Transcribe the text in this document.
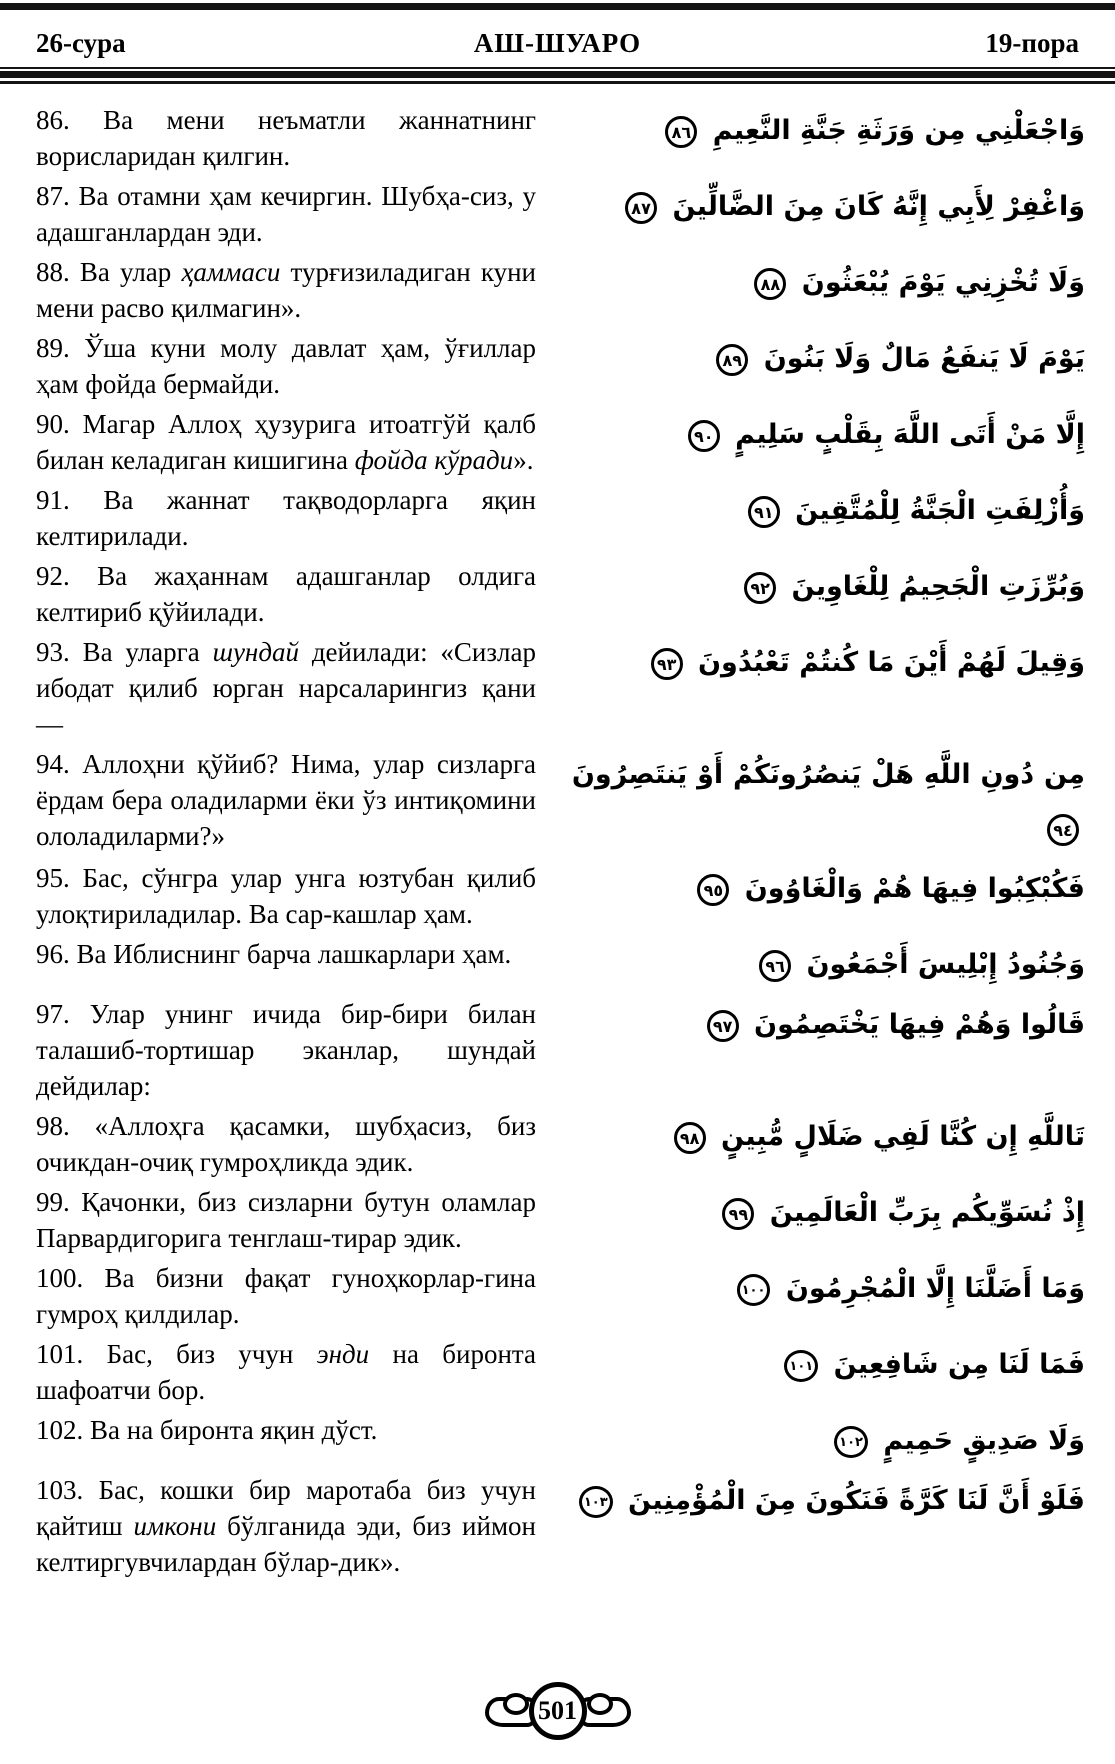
26-сура	АШ-ШУАРО	19-пора

86. Ва мени неъматли жаннатнинг ворисларидан қилгин.

وَاجْعَلْنِي مِن وَرَثَةِ جَنَّةِ النَّعِيمِ ٨٦

87. Ва отамни ҳам кечиргин. Шубҳа-сиз, у адашганлардан эди.

وَاغْفِرْ لِأَبِي إِنَّهُ كَانَ مِنَ الضَّالِّينَ ٨٧

88. Ва улар ҳаммаси турғизиладиган куни мени расво қилмагин».

وَلَا تُخْزِنِي يَوْمَ يُبْعَثُونَ ٨٨

89. Ўша куни молу давлат ҳам, ўғиллар ҳам фойда бермайди.

يَوْمَ لَا يَنفَعُ مَالٌ وَلَا بَنُونَ ٨٩

90. Магар Аллоҳ ҳузурига итоатгўй қалб билан келадиган кишигина фойда кўради».

إِلَّا مَنْ أَتَى اللَّهَ بِقَلْبٍ سَلِيمٍ ٩٠

91. Ва жаннат тақводорларга яқин келтирилади.

وَأُزْلِفَتِ الْجَنَّةُ لِلْمُتَّقِينَ ٩١

92. Ва жаҳаннам адашганлар олдига келтириб қўйилади.

وَبُرِّزَتِ الْجَحِيمُ لِلْغَاوِينَ ٩٢

93. Ва уларга шундай дейилади: «Сизлар ибодат қилиб юрган нарсаларингиз қани —

وَقِيلَ لَهُمْ أَيْنَ مَا كُنتُمْ تَعْبُدُونَ ٩٣

94. Аллоҳни қўйиб? Нима, улар сизларга ёрдам бера оладиларми ёки ўз интиқомини ололадиларми?»

مِن دُونِ اللَّهِ هَلْ يَنصُرُونَكُمْ أَوْ يَنتَصِرُونَ ٩٤

95. Бас, сўнгра улар унга юзтубан қилиб улоқтириладилар. Ва сар-кашлар ҳам.

فَكُبْكِبُوا فِيهَا هُمْ وَالْغَاوُونَ ٩٥

96. Ва Иблиснинг барча лашкарлари ҳам.	وَجُنُودُ إِبْلِيسَ أَجْمَعُونَ ٩٦

97. Улар унинг ичида бир-бири билан талашиб-тортишар эканлар, шундай дейдилар:

قَالُوا وَهُمْ فِيهَا يَخْتَصِمُونَ ٩٧

98. «Аллоҳга қасамки, шубҳасиз, биз очикдан-очиқ гумроҳликда эдик.

تَاللَّهِ إِن كُنَّا لَفِي ضَلَالٍ مُّبِينٍ ٩٨

99. Қачонки, биз сизларни бутун оламлар Парвардигорига тенглаш-тирар эдик.

إِذْ نُسَوِّيكُم بِرَبِّ الْعَالَمِينَ ٩٩

100. Ва бизни фақат гуноҳкорлар-гина гумроҳ қилдилар.

وَمَا أَضَلَّنَا إِلَّا الْمُجْرِمُونَ ١٠٠

101. Бас, биз учун энди на биронта шафоатчи бор.

فَمَا لَنَا مِن شَافِعِينَ ١٠١

102. Ва на биронта яқин дўст.	وَلَا صَدِيقٍ حَمِيمٍ ١٠٢

103. Бас, кошки бир маротаба биз учун қайтиш имкони бўлганида эди, биз иймон келтиргувчилардан бўлар-дик».

فَلَوْ أَنَّ لَنَا كَرَّةً فَنَكُونَ مِنَ الْمُؤْمِنِينَ ١٠٣
501
